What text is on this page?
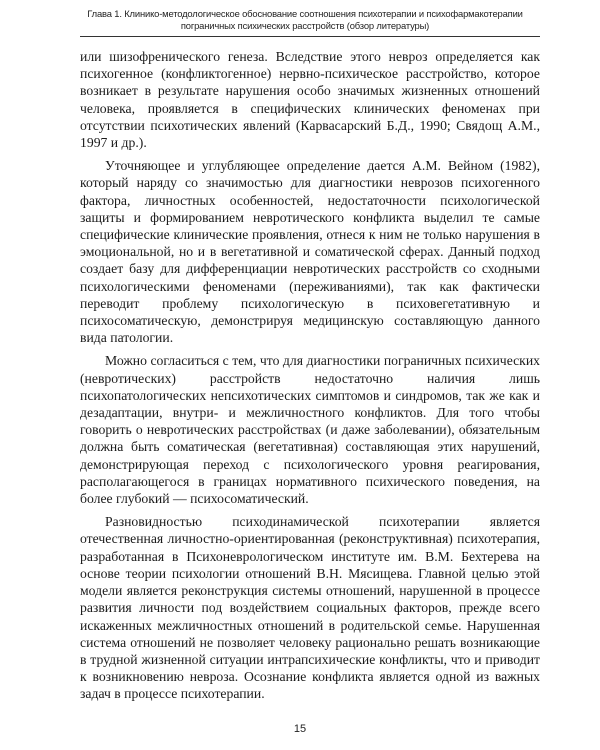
Глава 1. Клинико-методологическое обоснование соотношения психотерапии и психофармакотерапии
пограничных психических расстройств (обзор литературы)

или шизофренического генеза. Вследствие этого невроз определяется как психогенное (конфликтогенное) нервно-психическое расстройство, которое возникает в результате нарушения особо значимых жизненных отношений человека, проявляется в специфических клинических феноменах при отсутствии психотических явлений (Карвасарский Б.Д., 1990; Свядощ А.М., 1997 и др.).

Уточняющее и углубляющее определение дается А.М. Вейном (1982), который наряду со значимостью для диагностики неврозов психогенного фактора, личностных особенностей, недостаточности психологической защиты и формированием невротического конфликта выделил те самые специфические клинические проявления, отнеся к ним не только нарушения в эмоциональной, но и в вегетативной и соматической сферах. Данный подход создает базу для дифференциации невротических расстройств со сходными психологическими феноменами (переживаниями), так как фактически переводит проблему психологическую в психовегетативную и психосоматическую, демонстрируя медицинскую составляющую данного вида патологии.

Можно согласиться с тем, что для диагностики пограничных психических (невротических) расстройств недостаточно наличия лишь психопатологических непсихотических симптомов и синдромов, так же как и дезадаптации, внутри- и межличностного конфликтов. Для того чтобы говорить о невротических расстройствах (и даже заболевании), обязательным должна быть соматическая (вегетативная) составляющая этих нарушений, демонстрирующая переход с психологического уровня реагирования, располагающегося в границах нормативного психического поведения, на более глубокий — психосоматический.

Разновидностью психодинамической психотерапии является отечественная личностно-ориентированная (реконструктивная) психотерапия, разработанная в Психоневрологическом институте им. В.М. Бехтерева на основе теории психологии отношений В.Н. Мясищева. Главной целью этой модели является реконструкция системы отношений, нарушенной в процессе развития личности под воздействием социальных факторов, прежде всего искаженных межличностных отношений в родительской семье. Нарушенная система отношений не позволяет человеку рационально решать возникающие в трудной жизненной ситуации интрапсихические конфликты, что и приводит к возникновению невроза. Осознание конфликта является одной из важных задач в процессе психотерапии.

15
